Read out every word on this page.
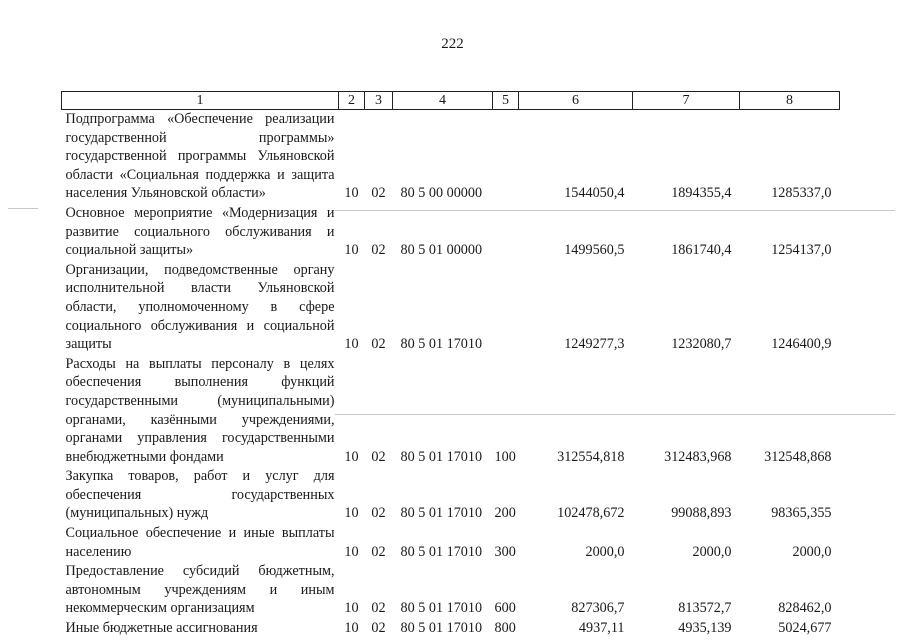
222
1	2	3	4	5	6	7	8
Подпрограмма «Обеспечение реализации государственной программы» государственной программы Ульяновской области «Социальная поддержка и защита населения Ульяновской области»	10	02	80 5 00 00000		1544050,4	1894355,4	1285337,0
Основное мероприятие «Модернизация и развитие социального обслуживания и социальной защиты»	10	02	80 5 01 00000		1499560,5	1861740,4	1254137,0
Организации, подведомственные органу исполнительной власти Ульяновской области, уполномоченному в сфере социального обслуживания и социальной защиты	10	02	80 5 01 17010		1249277,3	1232080,7	1246400,9
Расходы на выплаты персоналу в целях обеспечения выполнения функций государственными (муниципальными) органами, казёнными учреждениями, органами управления государственными внебюджетными фондами	10	02	80 5 01 17010	100	312554,818	312483,968	312548,868
Закупка товаров, работ и услуг для обеспечения государственных (муниципальных) нужд	10	02	80 5 01 17010	200	102478,672	99088,893	98365,355
Социальное обеспечение и иные выплаты населению	10	02	80 5 01 17010	300	2000,0	2000,0	2000,0
Предоставление субсидий бюджетным, автономным учреждениям и иным некоммерческим организациям	10	02	80 5 01 17010	600	827306,7	813572,7	828462,0
Иные бюджетные ассигнования	10	02	80 5 01 17010	800	4937,11	4935,139	5024,677
